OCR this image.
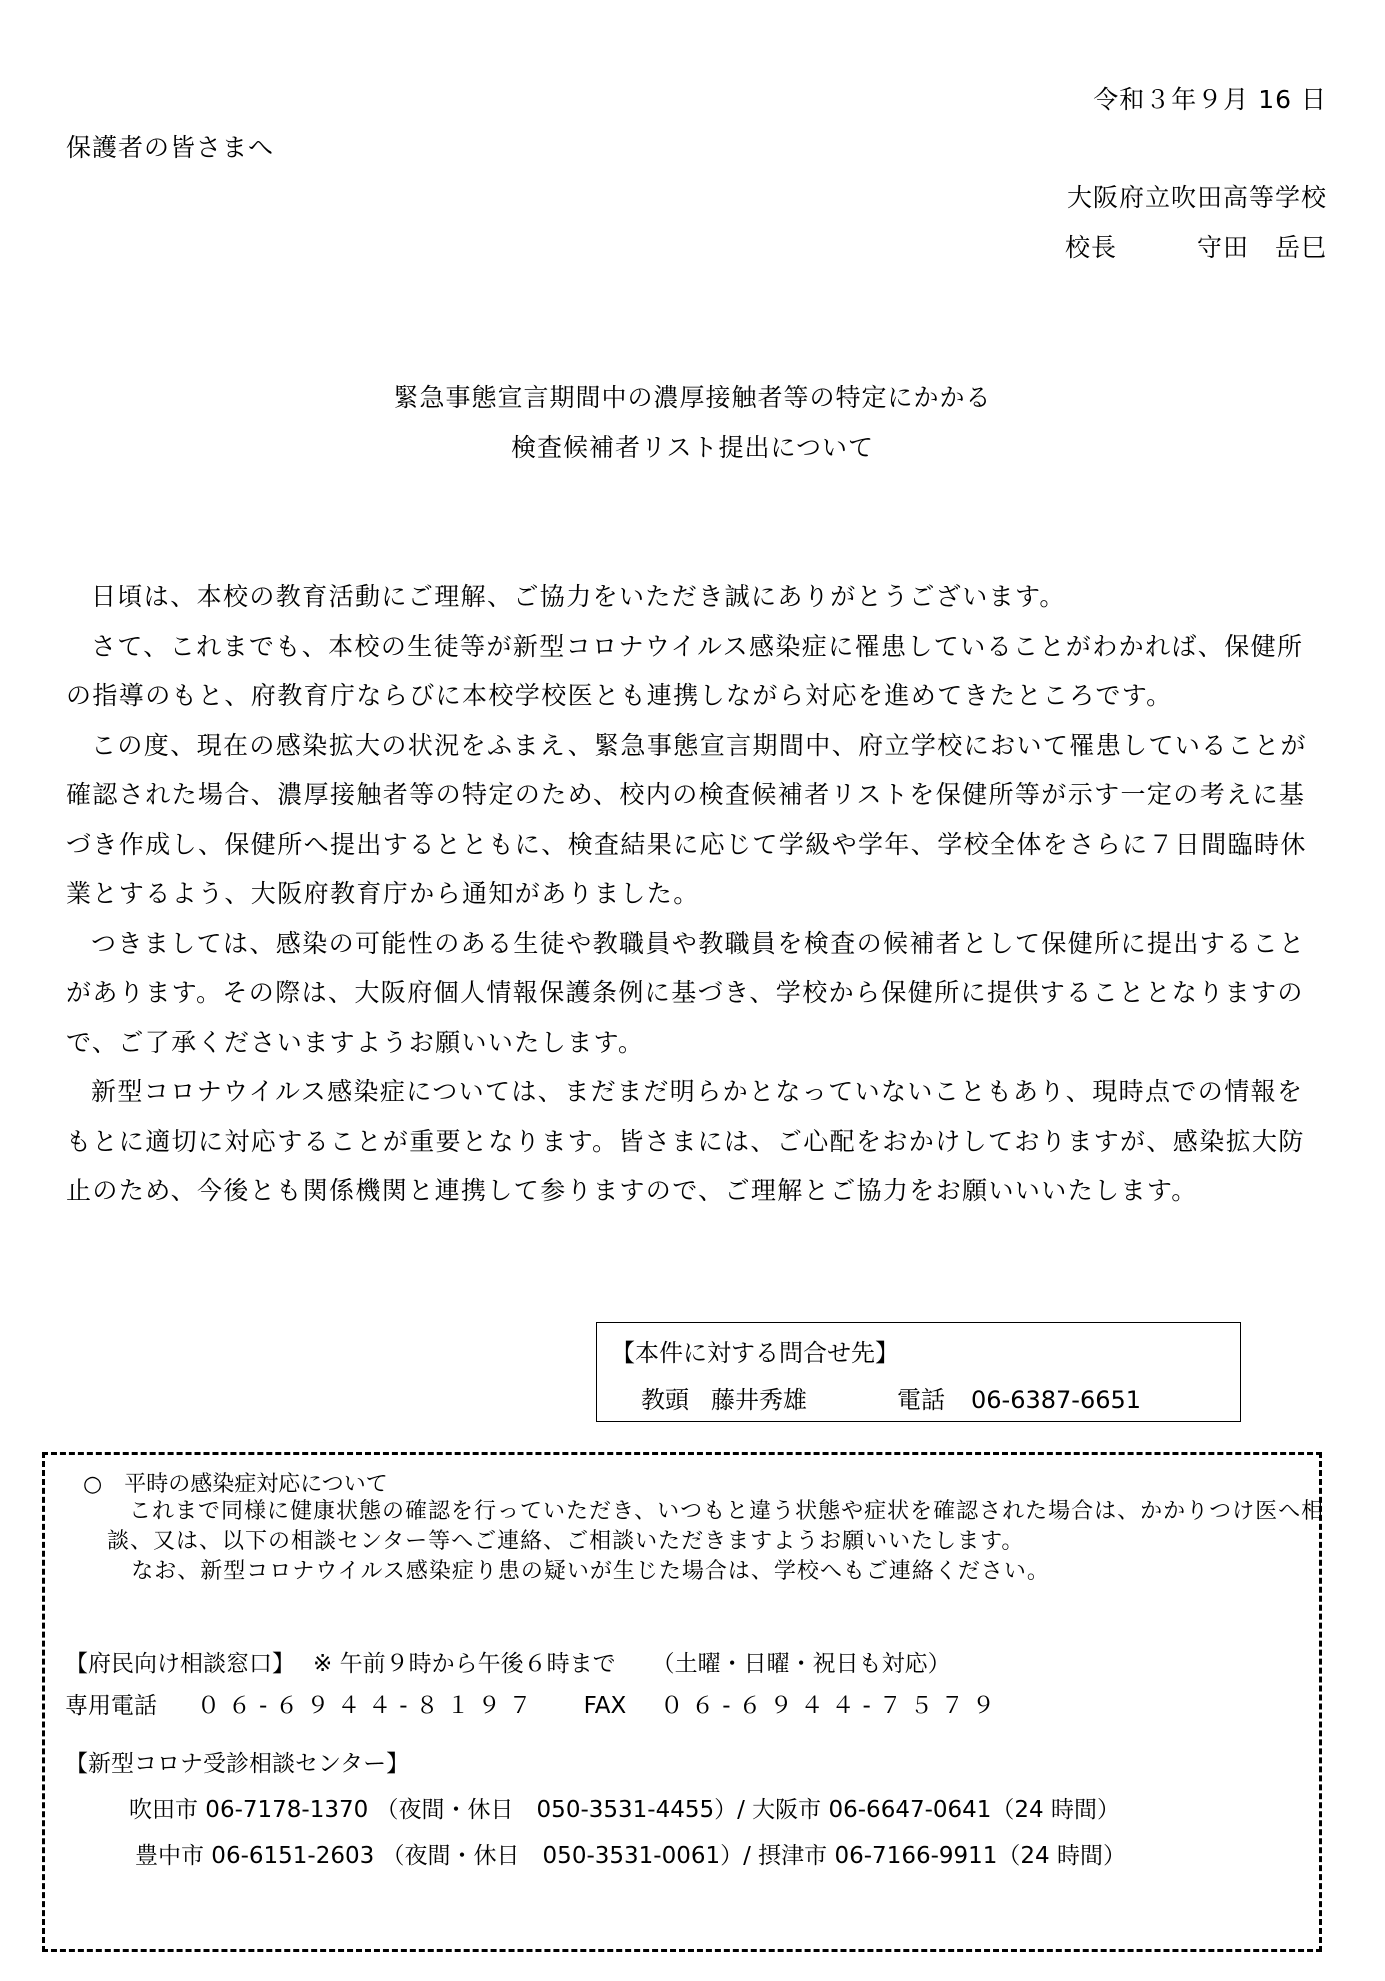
令和３年９月 16 日
保護者の皆さまへ
大阪府立吹田高等学校
校長	守田　岳巳
緊急事態宣言期間中の濃厚接触者等の特定にかかる
検査候補者リスト提出について

日頃は、本校の教育活動にご理解、ご協力をいただき誠にありがとうございます。

さて、これまでも、本校の生徒等が新型コロナウイルス感染症に罹患していることがわかれば、保健所の指導のもと、府教育庁ならびに本校学校医とも連携しながら対応を進めてきたところです。

この度、現在の感染拡大の状況をふまえ、緊急事態宣言期間中、府立学校において罹患していることが確認された場合、濃厚接触者等の特定のため、校内の検査候補者リストを保健所等が示す一定の考えに基づき作成し、保健所へ提出するとともに、検査結果に応じて学級や学年、学校全体をさらに７日間臨時休業とするよう、大阪府教育庁から通知がありました。

つきましては、感染の可能性のある生徒や教職員や教職員を検査の候補者として保健所に提出することがあります。その際は、大阪府個人情報保護条例に基づき、学校から保健所に提供することとなりますので、ご了承くださいますようお願いいたします。

新型コロナウイルス感染症については、まだまだ明らかとなっていないこともあり、現時点での情報をもとに適切に対応することが重要となります。皆さまには、ご心配をおかけしておりますが、感染拡大防止のため、今後とも関係機関と連携して参りますので、ご理解とご協力をお願いいいたします。

【本件に対する問合せ先】
教頭 藤井秀雄	電話 06-6387-6651
○　平時の感染症対応について

これまで同様に健康状態の確認を行っていただき、いつもと違う状態や症状を確認された場合は、かかりつけ医へ相談、又は、以下の相談センター等へご連絡、ご相談いただきますようお願いいたします。

なお、新型コロナウイルス感染症り患の疑いが生じた場合は、学校へもご連絡ください。

【府民向け相談窓口】 ※ 午前９時から午後６時まで （土曜・日曜・祝日も対応）
専用電話 ０６-６９４４-８１９７ FAX ０６-６９４４-７５７９
【新型コロナ受診相談センター】
吹田市 06-7178-1370 （夜間・休日　050-3531-4455）/ 大阪市 06-6647-0641（24 時間）
豊中市 06-6151-2603 （夜間・休日　050-3531-0061）/ 摂津市 06-7166-9911（24 時間）
